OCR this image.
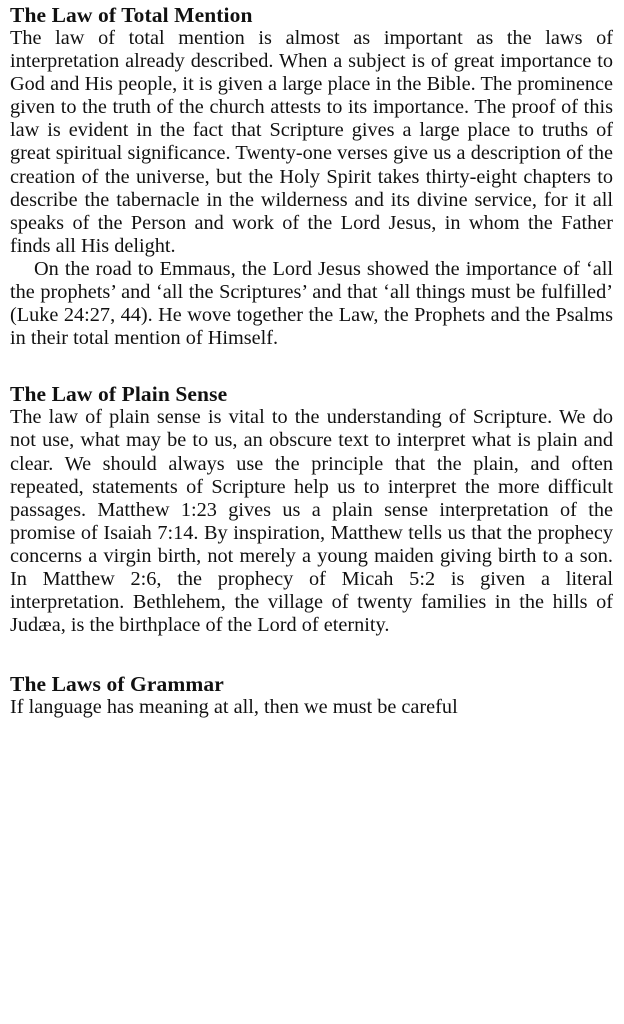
The Law of Total Mention

The law of total mention is almost as important as the laws of interpretation already described. When a subject is of great importance to God and His people, it is given a large place in the Bible. The prominence given to the truth of the church attests to its importance. The proof of this law is evident in the fact that Scripture gives a large place to truths of great spiritual significance. Twenty-one verses give us a description of the creation of the universe, but the Holy Spirit takes thirty-eight chapters to describe the tabernacle in the wilderness and its divine service, for it all speaks of the Person and work of the Lord Jesus, in whom the Father finds all His delight.

On the road to Emmaus, the Lord Jesus showed the importance of ‘all the prophets’ and ‘all the Scriptures’ and that ‘all things must be fulfilled’ (Luke 24:27, 44). He wove together the Law, the Prophets and the Psalms in their total mention of Himself.

The Law of Plain Sense

The law of plain sense is vital to the understanding of Scripture. We do not use, what may be to us, an obscure text to interpret what is plain and clear. We should always use the principle that the plain, and often repeated, statements of Scripture help us to interpret the more difficult passages. Matthew 1:23 gives us a plain sense interpretation of the promise of Isaiah 7:14. By inspiration, Matthew tells us that the prophecy concerns a virgin birth, not merely a young maiden giving birth to a son. In Matthew 2:6, the prophecy of Micah 5:2 is given a literal interpretation. Bethlehem, the village of twenty families in the hills of Judæa, is the birthplace of the Lord of eternity.

The Laws of Grammar

If language has meaning at all, then we must be careful
